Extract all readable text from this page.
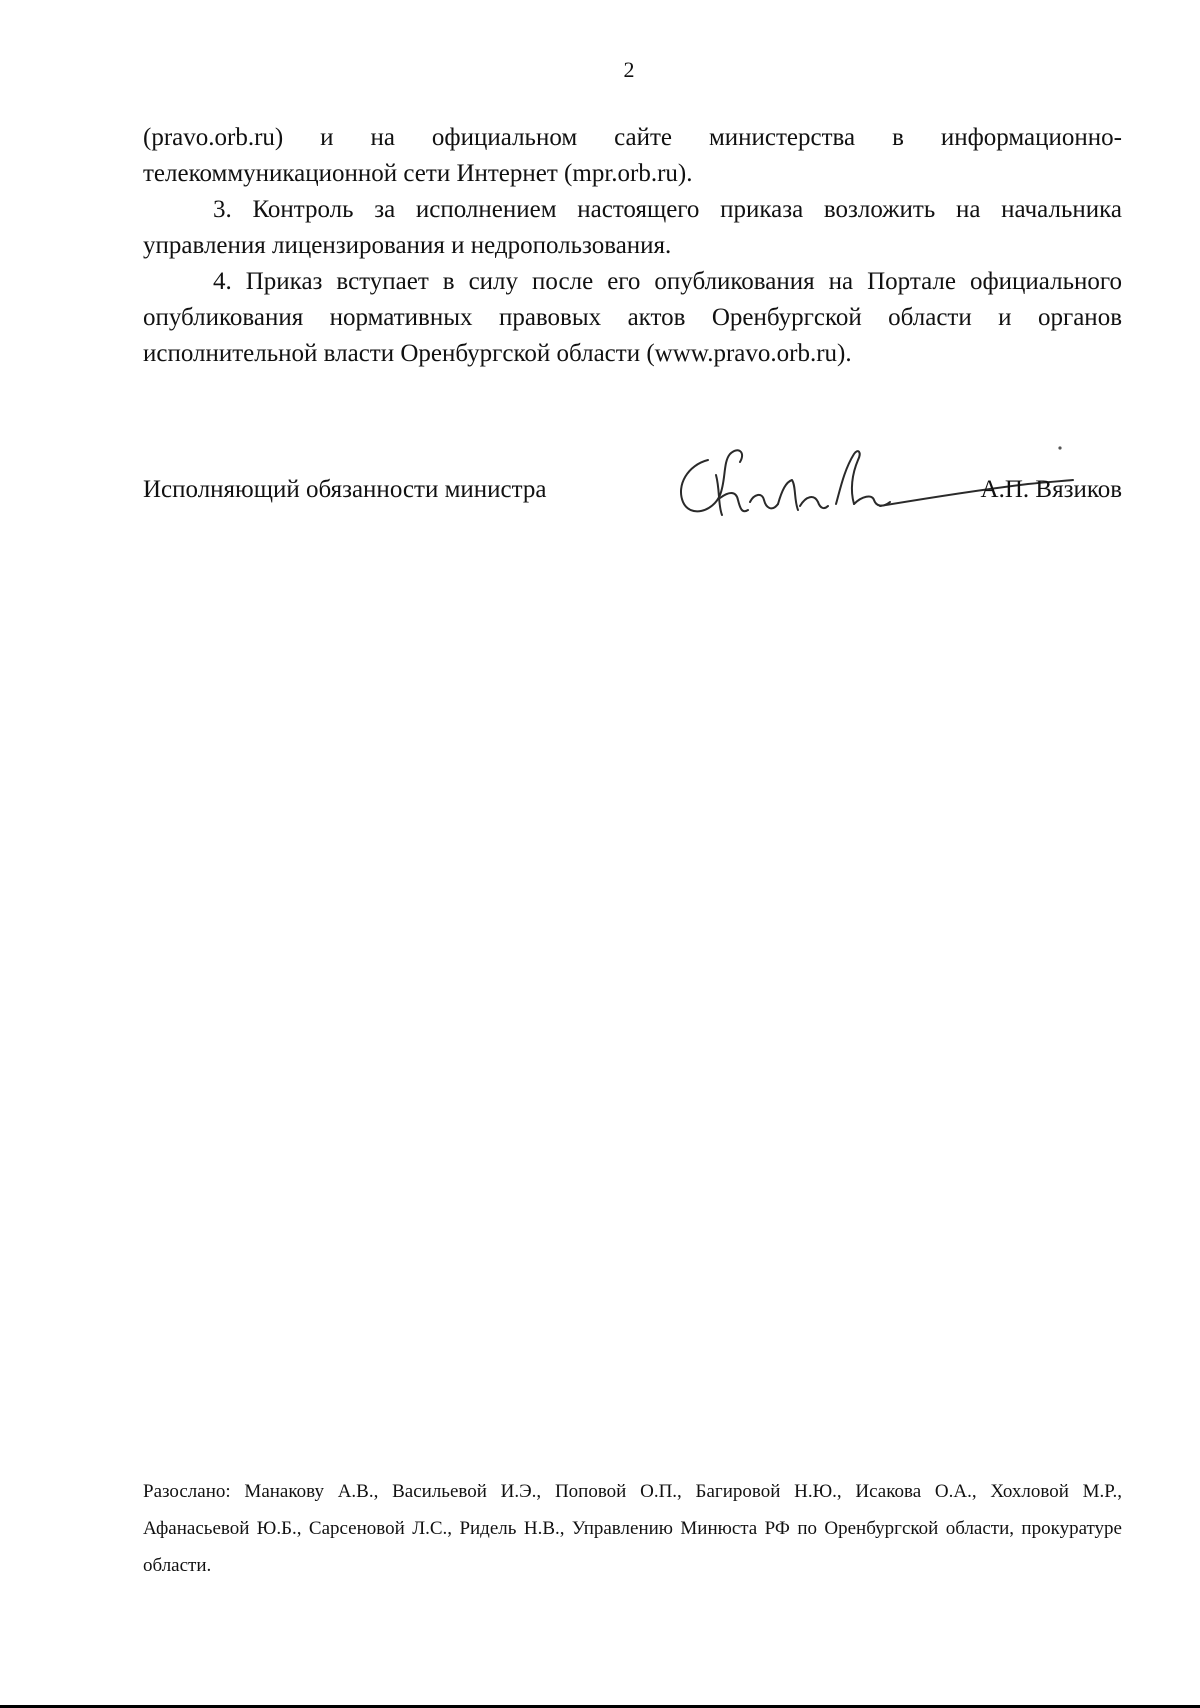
2

(pravo.orb.ru) и на официальном сайте министерства в информационно-телекоммуникационной сети Интернет (mpr.orb.ru).

3. Контроль за исполнением настоящего приказа возложить на начальника управления лицензирования и недропользования.

4. Приказ вступает в силу после его опубликования на Портале официального опубликования нормативных правовых актов Оренбургской области и органов исполнительной власти Оренбургской области (www.pravo.orb.ru).

Исполняющий обязанности министра	А.П. Вязиков

Разослано: Манакову А.В., Васильевой И.Э., Поповой О.П., Багировой Н.Ю., Исакова О.А., Хохловой М.Р., Афанасьевой Ю.Б., Сарсеновой Л.С., Ридель Н.В., Управлению Минюста РФ по Оренбургской области, прокуратуре области.
